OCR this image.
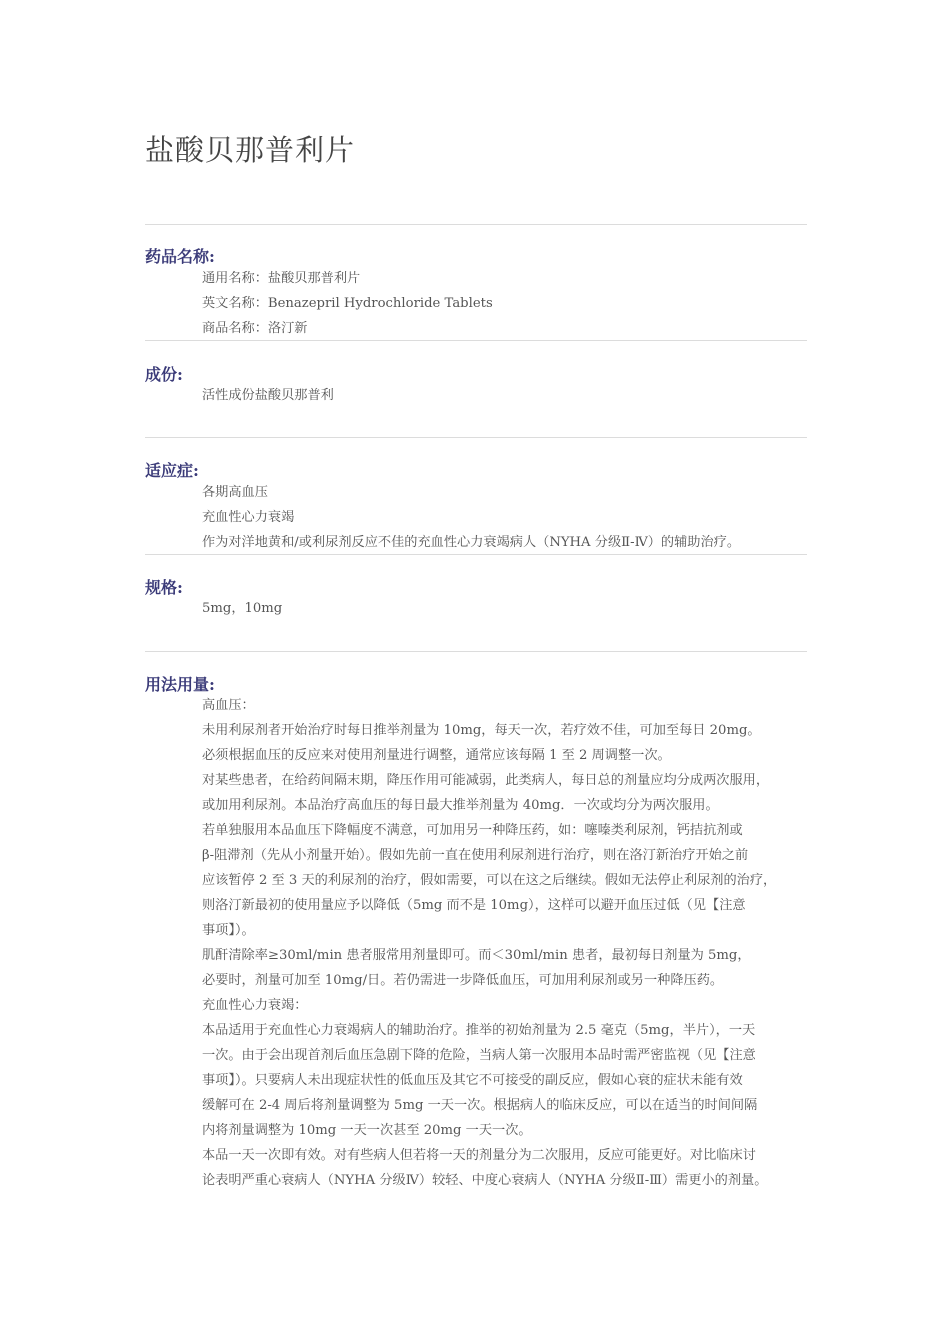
盐酸贝那普利片
药品名称:
通用名称：盐酸贝那普利片
英文名称：Benazepril Hydrochloride Tablets
商品名称：洛汀新
成份:
活性成份盐酸贝那普利
适应症:
各期高血压
充血性心力衰竭
作为对洋地黄和/或利尿剂反应不佳的充血性心力衰竭病人（NYHA 分级Ⅱ-Ⅳ）的辅助治疗。
规格:
5mg，10mg
用法用量:
高血压：
未用利尿剂者开始治疗时每日推举剂量为 10mg，每天一次，若疗效不佳，可加至每日 20mg。
必须根据血压的反应来对使用剂量进行调整，通常应该每隔 1 至 2 周调整一次。
对某些患者，在给药间隔末期，降压作用可能减弱，此类病人，每日总的剂量应均分成两次服用，
或加用利尿剂。本品治疗高血压的每日最大推举剂量为 40mg．一次或均分为两次服用。
若单独服用本品血压下降幅度不满意，可加用另一种降压药，如：噻嗪类利尿剂，钙拮抗剂或
β-阻滞剂（先从小剂量开始）。假如先前一直在使用利尿剂进行治疗，则在洛汀新治疗开始之前
应该暂停 2 至 3 天的利尿剂的治疗，假如需要，可以在这之后继续。假如无法停止利尿剂的治疗，
则洛汀新最初的使用量应予以降低（5mg 而不是 10mg），这样可以避开血压过低（见【注意
事项】）。
肌酐清除率≥30ml/min 患者服常用剂量即可。而＜30ml/min 患者，最初每日剂量为 5mg，
必要时，剂量可加至 10mg/日。若仍需进一步降低血压，可加用利尿剂或另一种降压药。
充血性心力衰竭：
本品适用于充血性心力衰竭病人的辅助治疗。推举的初始剂量为 2.5 毫克（5mg，半片），一天
一次。由于会出现首剂后血压急剧下降的危险，当病人第一次服用本品时需严密监视（见【注意
事项】）。只要病人未出现症状性的低血压及其它不可接受的副反应，假如心衰的症状未能有效
缓解可在 2-4 周后将剂量调整为 5mg 一天一次。根据病人的临床反应，可以在适当的时间间隔
内将剂量调整为 10mg 一天一次甚至 20mg 一天一次。
本品一天一次即有效。对有些病人但若将一天的剂量分为二次服用，反应可能更好。对比临床讨
论表明严重心衰病人（NYHA 分级Ⅳ）较轻、中度心衰病人（NYHA 分级Ⅱ-Ⅲ）需更小的剂量。
